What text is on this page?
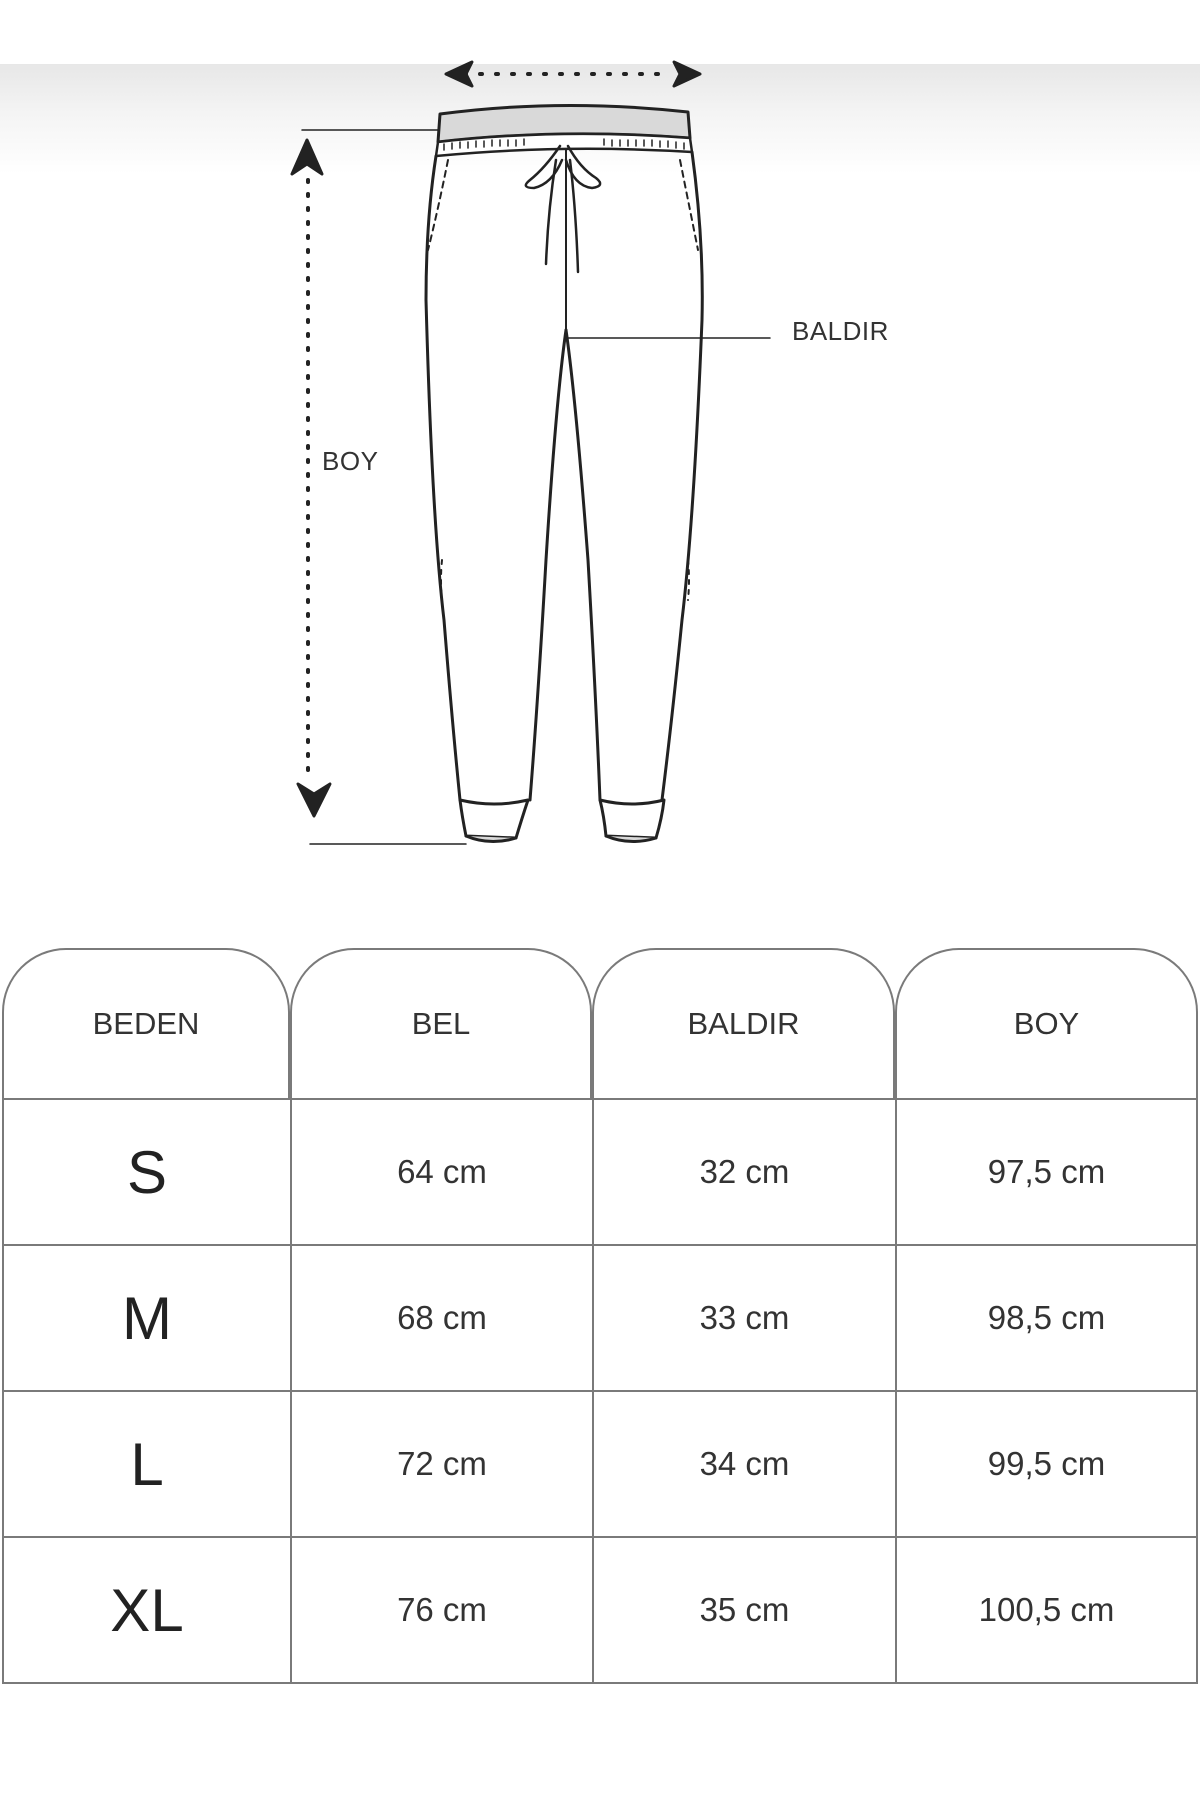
BOY
BALDIR
BEDEN	BEL	BALDIR	BOY
S	64 cm	32 cm	97,5 cm
M	68 cm	33 cm	98,5 cm
L	72 cm	34 cm	99,5 cm
XL	76 cm	35 cm	100,5 cm
